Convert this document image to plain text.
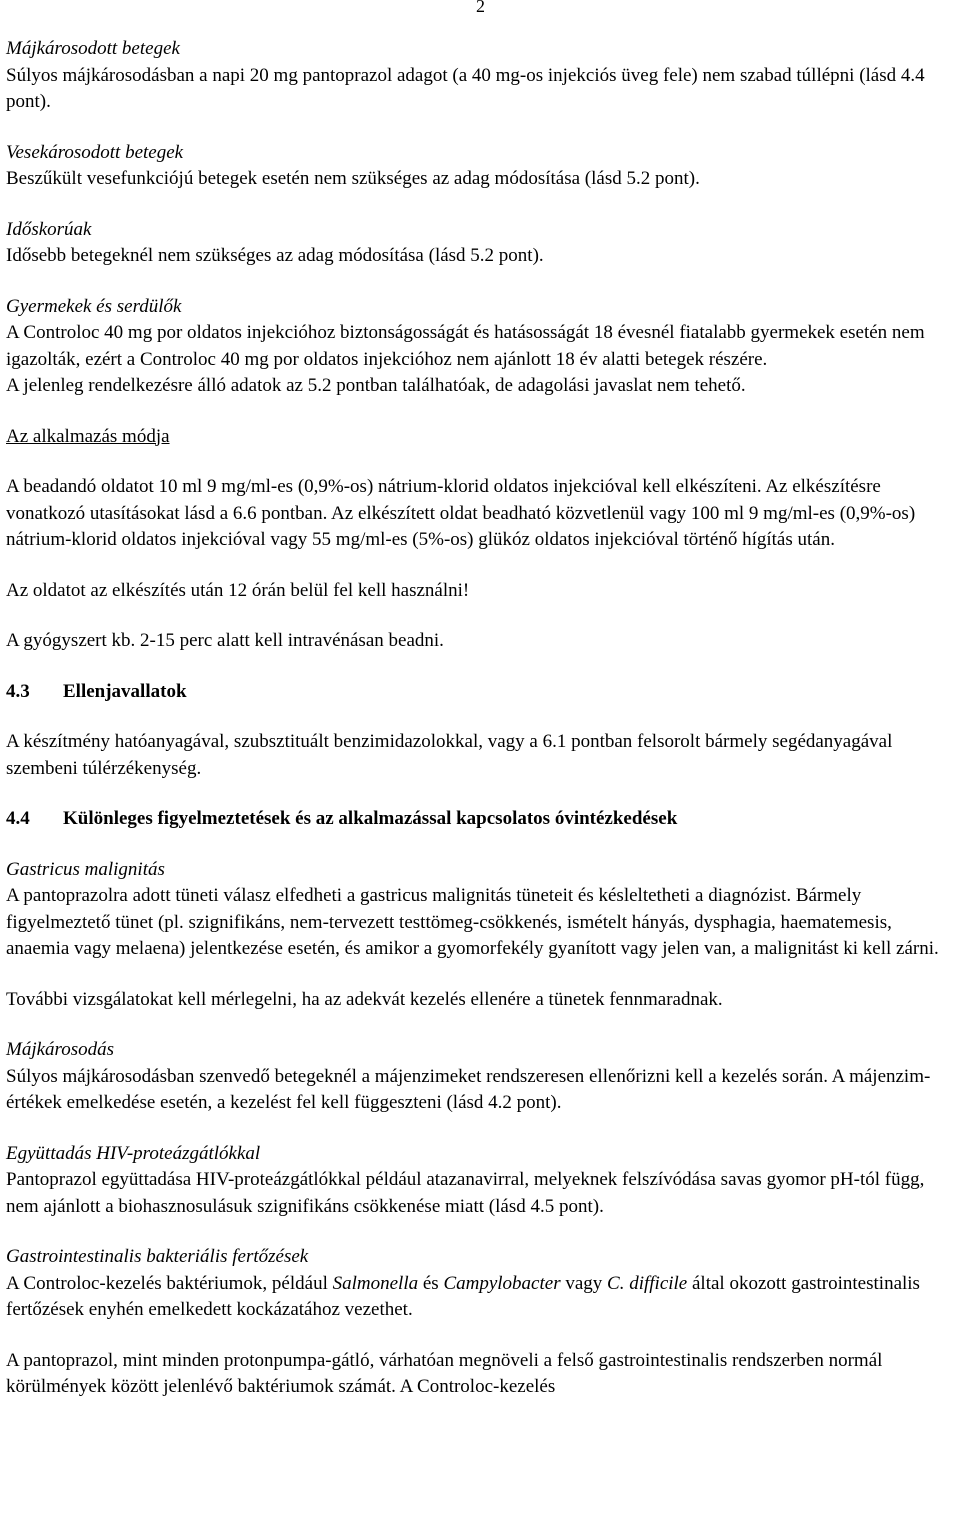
2

Májkárosodott betegek

Súlyos májkárosodásban a napi 20 mg pantoprazol adagot (a 40 mg-os injekciós üveg fele) nem szabad túllépni (lásd 4.4 pont).

Vesekárosodott betegek

Beszűkült vesefunkciójú betegek esetén nem szükséges az adag módosítása (lásd 5.2 pont).

Időskorúak

Idősebb betegeknél nem szükséges az adag módosítása (lásd 5.2 pont).

Gyermekek és serdülők

A Controloc 40 mg por oldatos injekcióhoz biztonságosságát és hatásosságát 18 évesnél fiatalabb gyermekek esetén nem igazolták, ezért a Controloc 40 mg por oldatos injekcióhoz nem ajánlott 18 év alatti betegek részére.

A jelenleg rendelkezésre álló adatok az 5.2 pontban találhatóak, de adagolási javaslat nem tehető.

Az alkalmazás módja

A beadandó oldatot 10 ml 9 mg/ml-es (0,9%-os) nátrium-klorid oldatos injekcióval kell elkészíteni. Az elkészítésre vonatkozó utasításokat lásd a 6.6 pontban. Az elkészített oldat beadható közvetlenül vagy 100 ml 9 mg/ml-es (0,9%-os) nátrium-klorid oldatos injekcióval vagy 55 mg/ml-es (5%-os) glükóz oldatos injekcióval történő hígítás után.

Az oldatot az elkészítés után 12 órán belül fel kell használni!

A gyógyszert kb. 2-15 perc alatt kell intravénásan beadni.

4.3 Ellenjavallatok

A készítmény hatóanyagával, szubsztituált benzimidazolokkal, vagy a 6.1 pontban felsorolt bármely segédanyagával szembeni túlérzékenység.

4.4 Különleges figyelmeztetések és az alkalmazással kapcsolatos óvintézkedések

Gastricus malignitás

A pantoprazolra adott tüneti válasz elfedheti a gastricus malignitás tüneteit és késleltetheti a diagnózist. Bármely figyelmeztető tünet (pl. szignifikáns, nem-tervezett testtömeg-csökkenés, ismételt hányás, dysphagia, haematemesis, anaemia vagy melaena) jelentkezése esetén, és amikor a gyomorfekély gyanított vagy jelen van, a malignitást ki kell zárni.

További vizsgálatokat kell mérlegelni, ha az adekvát kezelés ellenére a tünetek fennmaradnak.

Májkárosodás

Súlyos májkárosodásban szenvedő betegeknél a májenzimeket rendszeresen ellenőrizni kell a kezelés során. A májenzim-értékek emelkedése esetén, a kezelést fel kell függeszteni (lásd 4.2 pont).

Együttadás HIV-proteázgátlókkal

Pantoprazol együttadása HIV-proteázgátlókkal például atazanavirral, melyeknek felszívódása savas gyomor pH-tól függ, nem ajánlott a biohasznosulásuk szignifikáns csökkenése miatt (lásd 4.5 pont).

Gastrointestinalis bakteriális fertőzések

A Controloc-kezelés baktériumok, például Salmonella és Campylobacter vagy C. difficile által okozott gastrointestinalis fertőzések enyhén emelkedett kockázatához vezethet.

A pantoprazol, mint minden protonpumpa-gátló, várhatóan megnöveli a felső gastrointestinalis rendszerben normál körülmények között jelenlévő baktériumok számát. A Controloc-kezelés
